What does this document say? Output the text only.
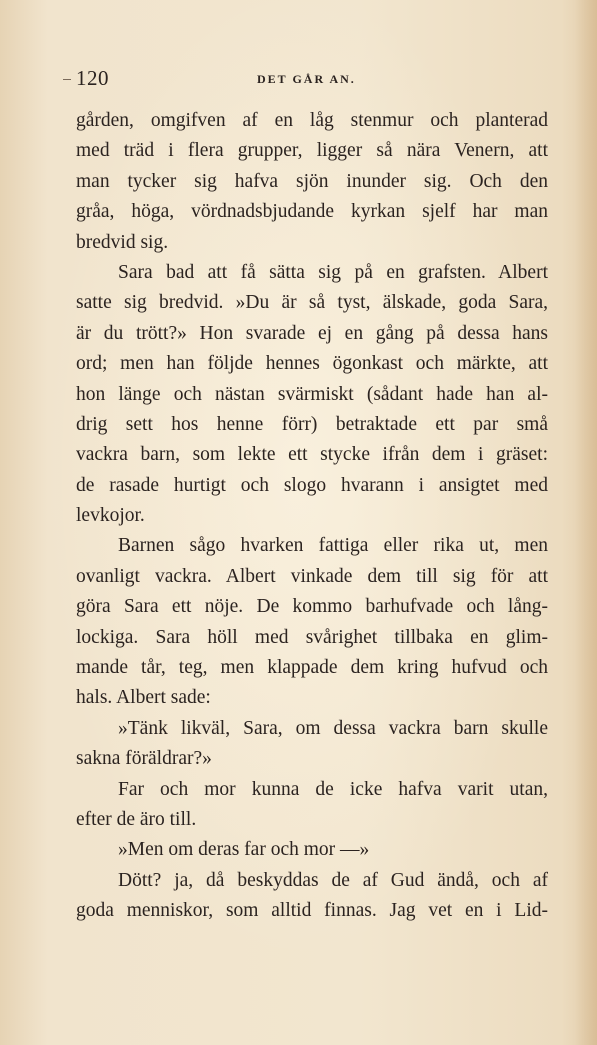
120	DET GÅR AN.
gården, omgifven af en låg stenmur och planterad
med träd i flera grupper, ligger så nära Venern, att
man tycker sig hafva sjön inunder sig. Och den
gråa, höga, vördnadsbjudande kyrkan sjelf har man
bredvid sig.
Sara bad att få sätta sig på en grafsten. Albert
satte sig bredvid. »Du är så tyst, älskade, goda Sara,
är du trött?» Hon svarade ej en gång på dessa hans
ord; men han följde hennes ögonkast och märkte, att
hon länge och nästan svärmiskt (sådant hade han al-
drig sett hos henne förr) betraktade ett par små
vackra barn, som lekte ett stycke ifrån dem i gräset:
de rasade hurtigt och slogo hvarann i ansigtet med
levkojor.
Barnen sågo hvarken fattiga eller rika ut, men
ovanligt vackra. Albert vinkade dem till sig för att
göra Sara ett nöje. De kommo barhufvade och lång-
lockiga. Sara höll med svårighet tillbaka en glim-
mande tår, teg, men klappade dem kring hufvud och
hals. Albert sade:
»Tänk likväl, Sara, om dessa vackra barn skulle
sakna föräldrar?»
Far och mor kunna de icke hafva varit utan,
efter de äro till.
»Men om deras far och mor —»
Dött? ja, då beskyddas de af Gud ändå, och af
goda menniskor, som alltid finnas. Jag vet en i Lid-
